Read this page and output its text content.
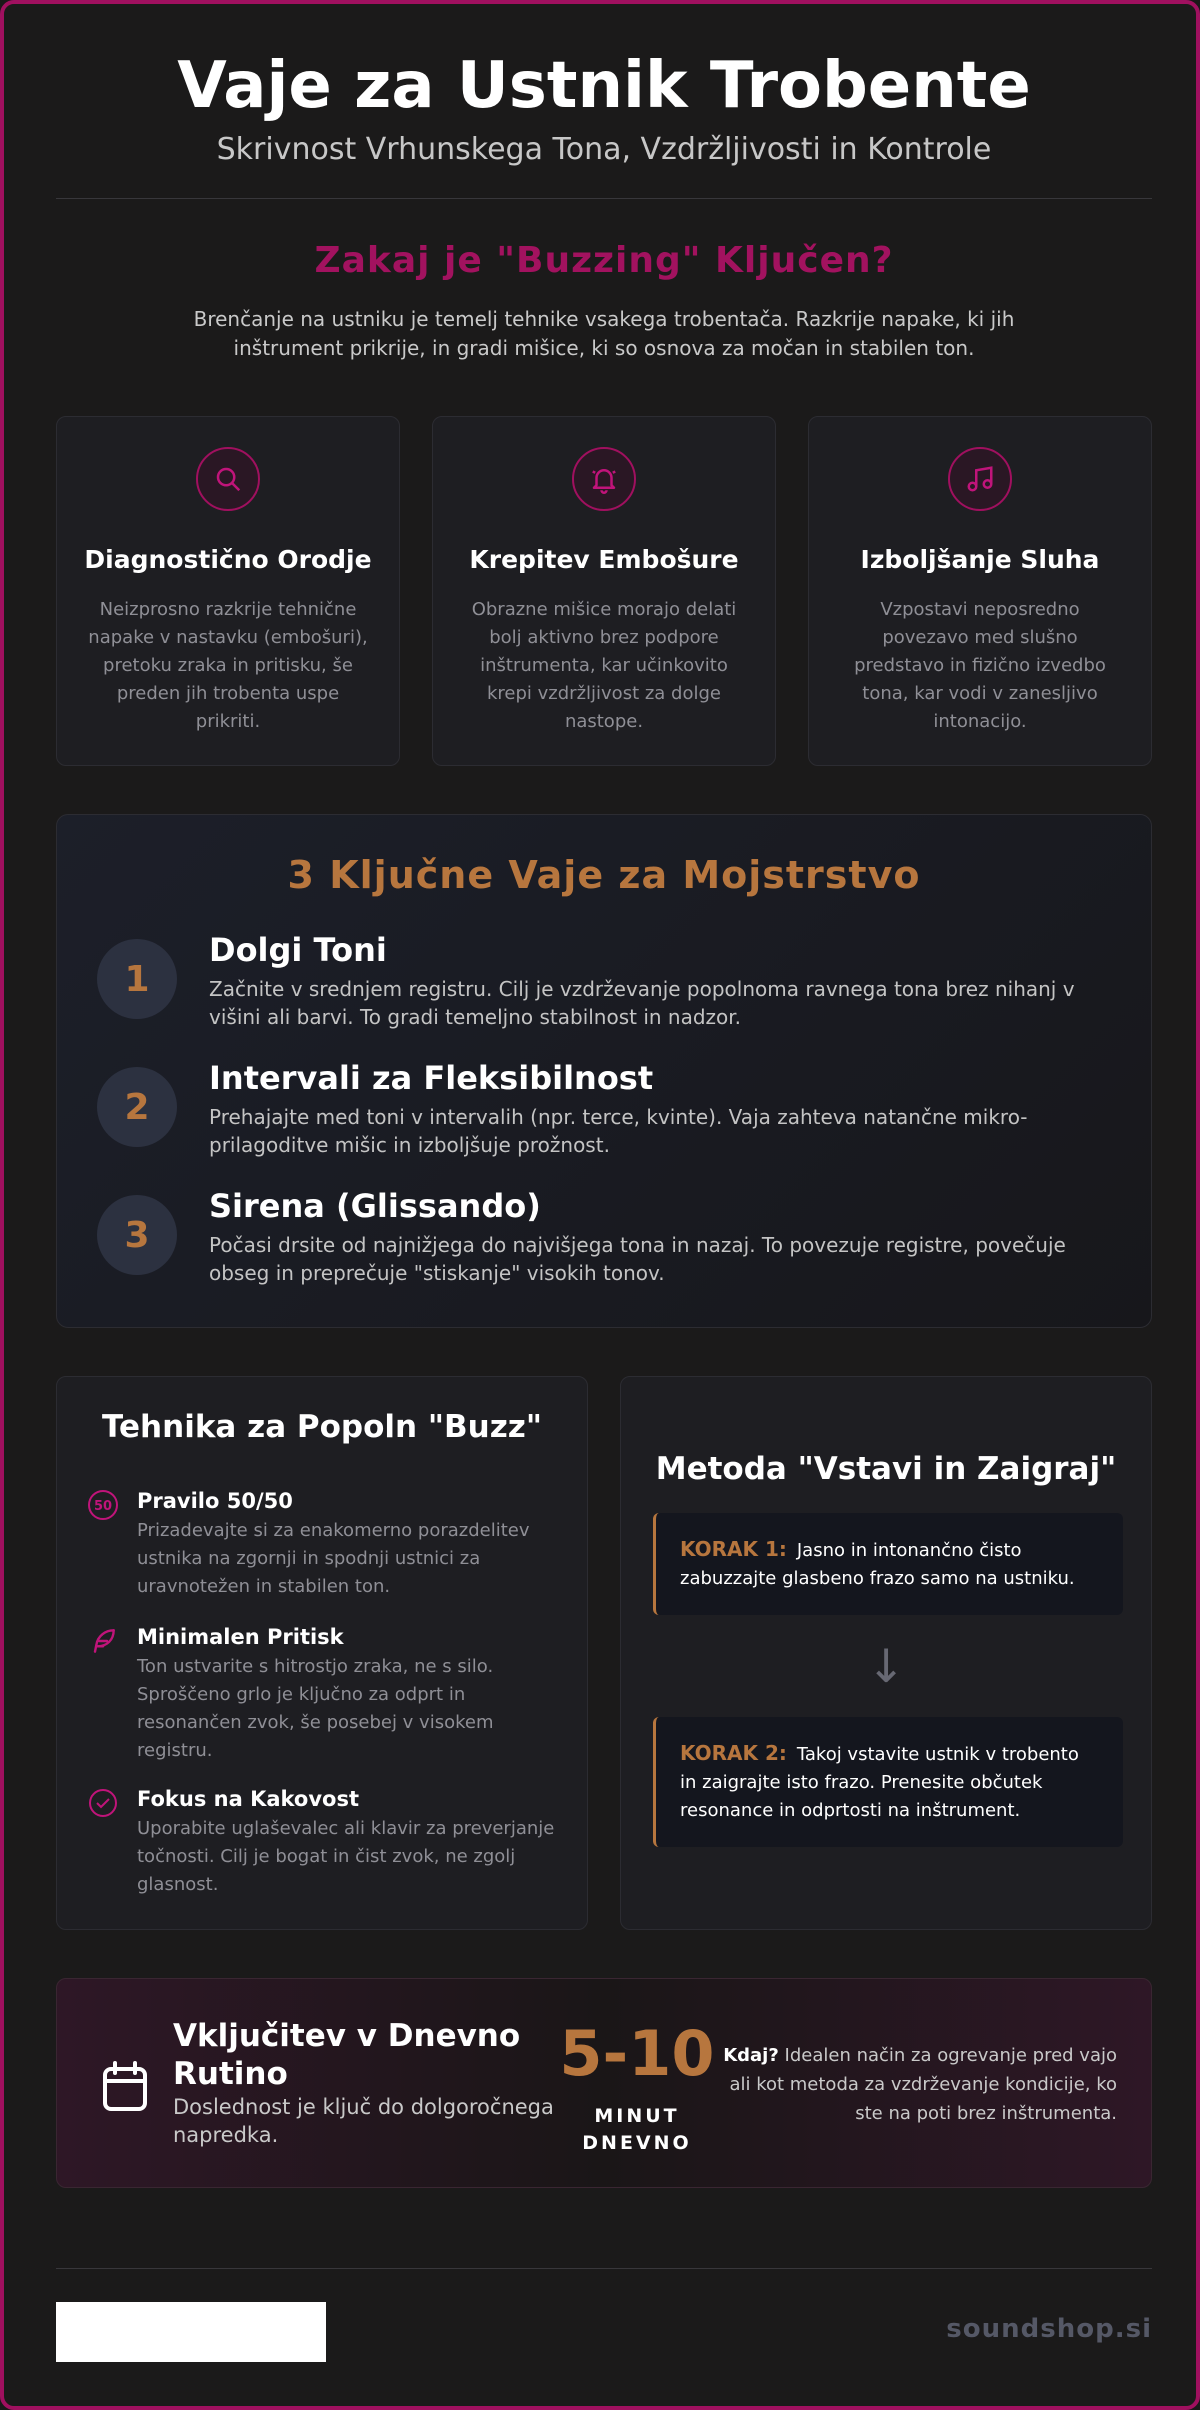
Vaje za Ustnik Trobente
Skrivnost Vrhunskega Tona, Vzdržljivosti in Kontrole
Zakaj je "Buzzing" Ključen?
Brenčanje na ustniku je temelj tehnike vsakega trobentača. Razkrije napake, ki jih inštrument prikrije, in gradi mišice, ki so osnova za močan in stabilen ton.
Diagnostično Orodje
Neizprosno razkrije tehnične napake v nastavku (embošuri), pretoku zraka in pritisku, še preden jih trobenta uspe prikriti.
Krepitev Embošure
Obrazne mišice morajo delati bolj aktivno brez podpore inštrumenta, kar učinkovito krepi vzdržljivost za dolge nastope.
Izboljšanje Sluha
Vzpostavi neposredno povezavo med slušno predstavo in fizično izvedbo tona, kar vodi v zanesljivo intonacijo.
3 Ključne Vaje za Mojstrstvo
1
Dolgi Toni
Začnite v srednjem registru. Cilj je vzdrževanje popolnoma ravnega tona brez nihanj v višini ali barvi. To gradi temeljno stabilnost in nadzor.
2
Intervali za Fleksibilnost
Prehajajte med toni v intervalih (npr. terce, kvinte). Vaja zahteva natančne mikro-prilagoditve mišic in izboljšuje prožnost.
3
Sirena (Glissando)
Počasi drsite od najnižjega do najvišjega tona in nazaj. To povezuje registre, povečuje obseg in preprečuje "stiskanje" visokih tonov.
Tehnika za Popoln "Buzz"
50 Pravilo 50/50
Prizadevajte si za enakomerno porazdelitev ustnika na zgornji in spodnji ustnici za uravnotežen in stabilen ton.
Minimalen Pritisk
Ton ustvarite s hitrostjo zraka, ne s silo. Sproščeno grlo je ključno za odprt in resonančen zvok, še posebej v visokem registru.
Fokus na Kakovost
Uporabite uglaševalec ali klavir za preverjanje točnosti. Cilj je bogat in čist zvok, ne zgolj glasnost.
Metoda "Vstavi in Zaigraj"
KORAK 1: Jasno in intonančno čisto zabuzzajte glasbeno frazo samo na ustniku.
↓
KORAK 2: Takoj vstavite ustnik v trobento in zaigrajte isto frazo. Prenesite občutek resonance in odprtosti na inštrument.
Vključitev v Dnevno Rutino
Doslednost je ključ do dolgoročnega napredka.
5-10
MINUT
DNEVNO
Kdaj? Idealen način za ogrevanje pred vajo ali kot metoda za vzdrževanje kondicije, ko ste na poti brez inštrumenta.
soundshop.si
